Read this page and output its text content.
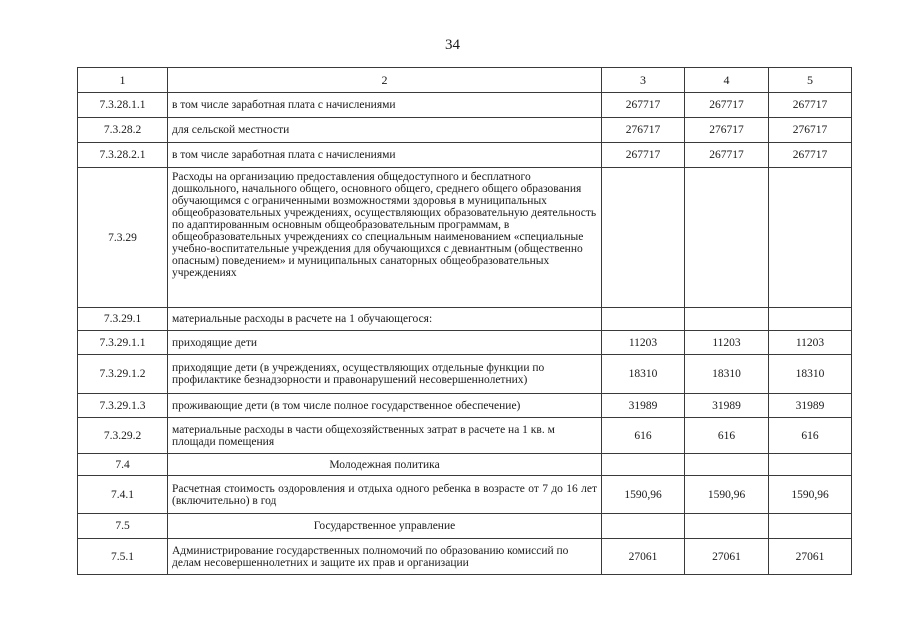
34
1	2	3	4	5
7.3.28.1.1	в том числе заработная плата с начислениями	267717	267717	267717
7.3.28.2	для сельской местности	276717	276717	276717
7.3.28.2.1	в том числе заработная плата с начислениями	267717	267717	267717
7.3.29	Расходы на организацию предоставления общедоступного и бесплатного дошкольного, начального общего, основного общего, среднего общего образования обучающимся с ограниченными возможностями здоровья в муниципальных общеобразовательных учреждениях, осуществляющих образовательную деятельность по адаптированным основным общеобразовательным программам, в общеобразовательных учреждениях со специальным наименованием «специальные учебно-воспитательные учреждения для обучающихся с девиантным (общественно опасным) поведением» и муниципальных санаторных общеобразовательных учреждениях			
7.3.29.1	материальные расходы в расчете на 1 обучающегося:			
7.3.29.1.1	приходящие дети	11203	11203	11203
7.3.29.1.2	приходящие дети (в учреждениях, осуществляющих отдельные функции по профилактике безнадзорности и правонарушений несовершеннолетних)	18310	18310	18310
7.3.29.1.3	проживающие дети (в том числе полное государственное обеспечение)	31989	31989	31989
7.3.29.2	материальные расходы в части общехозяйственных затрат в расчете на 1 кв. м площади помещения	616	616	616
7.4	Молодежная политика			
7.4.1	Расчетная стоимость оздоровления и отдыха одного ребенка в возрасте от 7 до 16 лет (включительно) в год	1590,96	1590,96	1590,96
7.5	Государственное управление			
7.5.1	Администрирование государственных полномочий по образованию комиссий по делам несовершеннолетних и защите их прав и организации	27061	27061	27061
